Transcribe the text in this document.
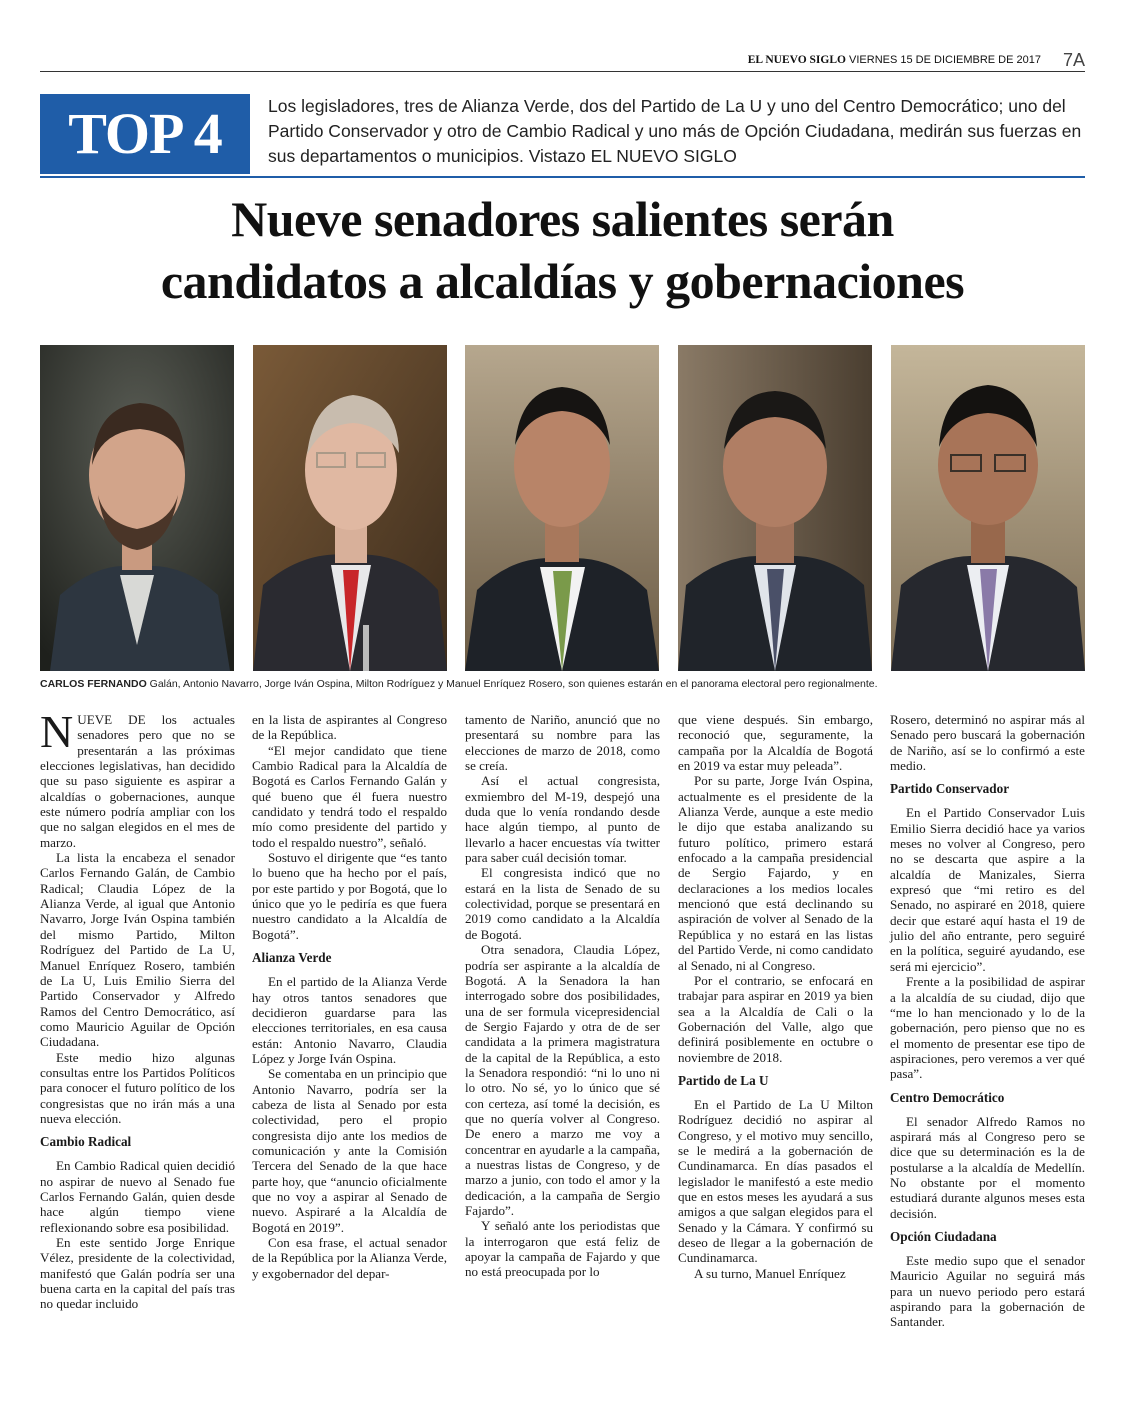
EL NUEVO SIGLO VIERNES 15 DE DICIEMBRE DE 2017 7A
TOP 4	Los legisladores, tres de Alianza Verde, dos del Partido de La U y uno del Centro Democrático; uno del Partido Conservador y otro de Cambio Radical y uno más de Opción Ciudadana, medirán sus fuerzas en sus departamentos o municipios. Vistazo EL NUEVO SIGLO
Nueve senadores salientes serán
candidatos a alcaldías y gobernaciones
CARLOS FERNANDO Galán, Antonio Navarro, Jorge Iván Ospina, Milton Rodríguez y Manuel Enríquez Rosero, son quienes estarán en el panorama electoral pero regionalmente.

NUEVE DE los actuales senadores pero que no se presentarán a las próximas elecciones legislativas, han decidido que su paso siguiente es aspirar a alcaldías o gobernaciones, aunque este número podría ampliar con los que no salgan elegidos en el mes de marzo.

La lista la encabeza el senador Carlos Fernando Galán, de Cambio Radical; Claudia López de la Alianza Verde, al igual que Antonio Navarro, Jorge Iván Ospina también del mismo Partido, Milton Rodríguez del Partido de La U, Manuel Enríquez Rosero, también de La U, Luis Emilio Sierra del Partido Conservador y Alfredo Ramos del Centro Democrático, así como Mauricio Aguilar de Opción Ciudadana.

Este medio hizo algunas consultas entre los Partidos Políticos para conocer el futuro político de los congresistas que no irán más a una nueva elección.

Cambio Radical

En Cambio Radical quien decidió no aspirar de nuevo al Senado fue Carlos Fernando Galán, quien desde hace algún tiempo viene reflexionando sobre esa posibilidad.

En este sentido Jorge Enrique Vélez, presidente de la colectividad, manifestó que Galán podría ser una buena carta en la capital del país tras no quedar incluido

en la lista de aspirantes al Congreso de la República.

“El mejor candidato que tiene Cambio Radical para la Alcaldía de Bogotá es Carlos Fernando Galán y qué bueno que él fuera nuestro candidato y tendrá todo el respaldo mío como presidente del partido y todo el respaldo nuestro”, señaló.

Sostuvo el dirigente que “es tanto lo bueno que ha hecho por el país, por este partido y por Bogotá, que lo único que yo le pediría es que fuera nuestro candidato a la Alcaldía de Bogotá”.

Alianza Verde

En el partido de la Alianza Verde hay otros tantos senadores que decidieron guardarse para las elecciones territoriales, en esa causa están: Antonio Navarro, Claudia López y Jorge Iván Ospina.

Se comentaba en un principio que Antonio Navarro, podría ser la cabeza de lista al Senado por esta colectividad, pero el propio congresista dijo ante los medios de comunicación y ante la Comisión Tercera del Senado de la que hace parte hoy, que “anuncio oficialmente que no voy a aspirar al Senado de nuevo. Aspiraré a la Alcaldía de Bogotá en 2019”.

Con esa frase, el actual senador de la República por la Alianza Verde, y exgobernador del depar-

tamento de Nariño, anunció que no presentará su nombre para las elecciones de marzo de 2018, como se creía.

Así el actual congresista, exmiembro del M-19, despejó una duda que lo venía rondando desde hace algún tiempo, al punto de llevarlo a hacer encuestas vía twitter para saber cuál decisión tomar.

El congresista indicó que no estará en la lista de Senado de su colectividad, porque se presentará en 2019 como candidato a la Alcaldía de Bogotá.

Otra senadora, Claudia López, podría ser aspirante a la alcaldía de Bogotá. A la Senadora la han interrogado sobre dos posibilidades, una de ser formula vicepresidencial de Sergio Fajardo y otra de de ser candidata a la primera magistratura de la capital de la República, a esto la Senadora respondió: “ni lo uno ni lo otro. No sé, yo lo único que sé con certeza, así tomé la decisión, es que no quería volver al Congreso. De enero a marzo me voy a concentrar en ayudarle a la campaña, a nuestras listas de Congreso, y de marzo a junio, con todo el amor y la dedicación, a la campaña de Sergio Fajardo”.

Y señaló ante los periodistas que la interrogaron que está feliz de apoyar la campaña de Fajardo y que no está preocupada por lo

que viene después. Sin embargo, reconoció que, seguramente, la campaña por la Alcaldía de Bogotá en 2019 va estar muy peleada”.

Por su parte, Jorge Iván Ospina, actualmente es el presidente de la Alianza Verde, aunque a este medio le dijo que estaba analizando su futuro político, primero estará enfocado a la campaña presidencial de Sergio Fajardo, y en declaraciones a los medios locales mencionó que está declinando su aspiración de volver al Senado de la República y no estará en las listas del Partido Verde, ni como candidato al Senado, ni al Congreso.

Por el contrario, se enfocará en trabajar para aspirar en 2019 ya bien sea a la Alcaldía de Cali o la Gobernación del Valle, algo que definirá posiblemente en octubre o noviembre de 2018.

Partido de La U

En el Partido de La U Milton Rodríguez decidió no aspirar al Congreso, y el motivo muy sencillo, se le medirá a la gobernación de Cundinamarca. En días pasados el legislador le manifestó a este medio que en estos meses les ayudará a sus amigos a que salgan elegidos para el Senado y la Cámara. Y confirmó su deseo de llegar a la gobernación de Cundinamarca.

A su turno, Manuel Enríquez

Rosero, determinó no aspirar más al Senado pero buscará la gobernación de Nariño, así se lo confirmó a este medio.

Partido Conservador

En el Partido Conservador Luis Emilio Sierra decidió hace ya varios meses no volver al Congreso, pero no se descarta que aspire a la alcaldía de Manizales, Sierra expresó que “mi retiro es del Senado, no aspiraré en 2018, quiere decir que estaré aquí hasta el 19 de julio del año entrante, pero seguiré en la política, seguiré ayudando, ese será mi ejercicio”.

Frente a la posibilidad de aspirar a la alcaldía de su ciudad, dijo que “me lo han mencionado y lo de la gobernación, pero pienso que no es el momento de presentar ese tipo de aspiraciones, pero veremos a ver qué pasa”.

Centro Democrático

El senador Alfredo Ramos no aspirará más al Congreso pero se dice que su determinación es la de postularse a la alcaldía de Medellín. No obstante por el momento estudiará durante algunos meses esta decisión.

Opción Ciudadana

Este medio supo que el senador Mauricio Aguilar no seguirá más para un nuevo periodo pero estará aspirando para la gobernación de Santander.
